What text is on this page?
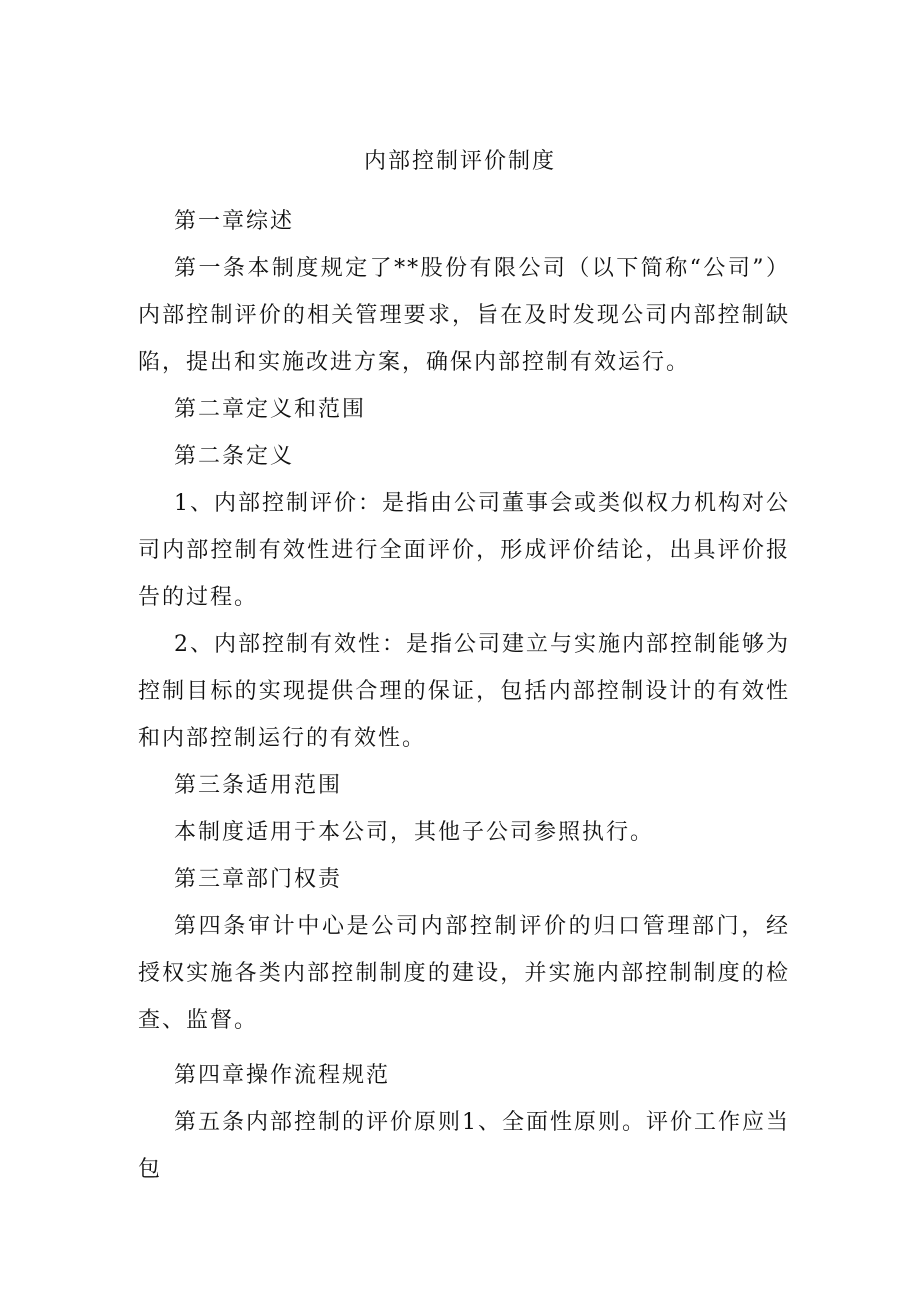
内部控制评价制度

第一章综述

第一条本制度规定了**股份有限公司（以下简称“公司”）内部控制评价的相关管理要求，旨在及时发现公司内部控制缺陷，提出和实施改进方案，确保内部控制有效运行。

第二章定义和范围

第二条定义

1、内部控制评价：是指由公司董事会或类似权力机构对公司内部控制有效性进行全面评价，形成评价结论，出具评价报告的过程。

2、内部控制有效性：是指公司建立与实施内部控制能够为控制目标的实现提供合理的保证，包括内部控制设计的有效性和内部控制运行的有效性。

第三条适用范围

本制度适用于本公司，其他子公司参照执行。

第三章部门权责

第四条审计中心是公司内部控制评价的归口管理部门，经授权实施各类内部控制制度的建设，并实施内部控制制度的检查、监督。

第四章操作流程规范

第五条内部控制的评价原则1、全面性原则。评价工作应当包
